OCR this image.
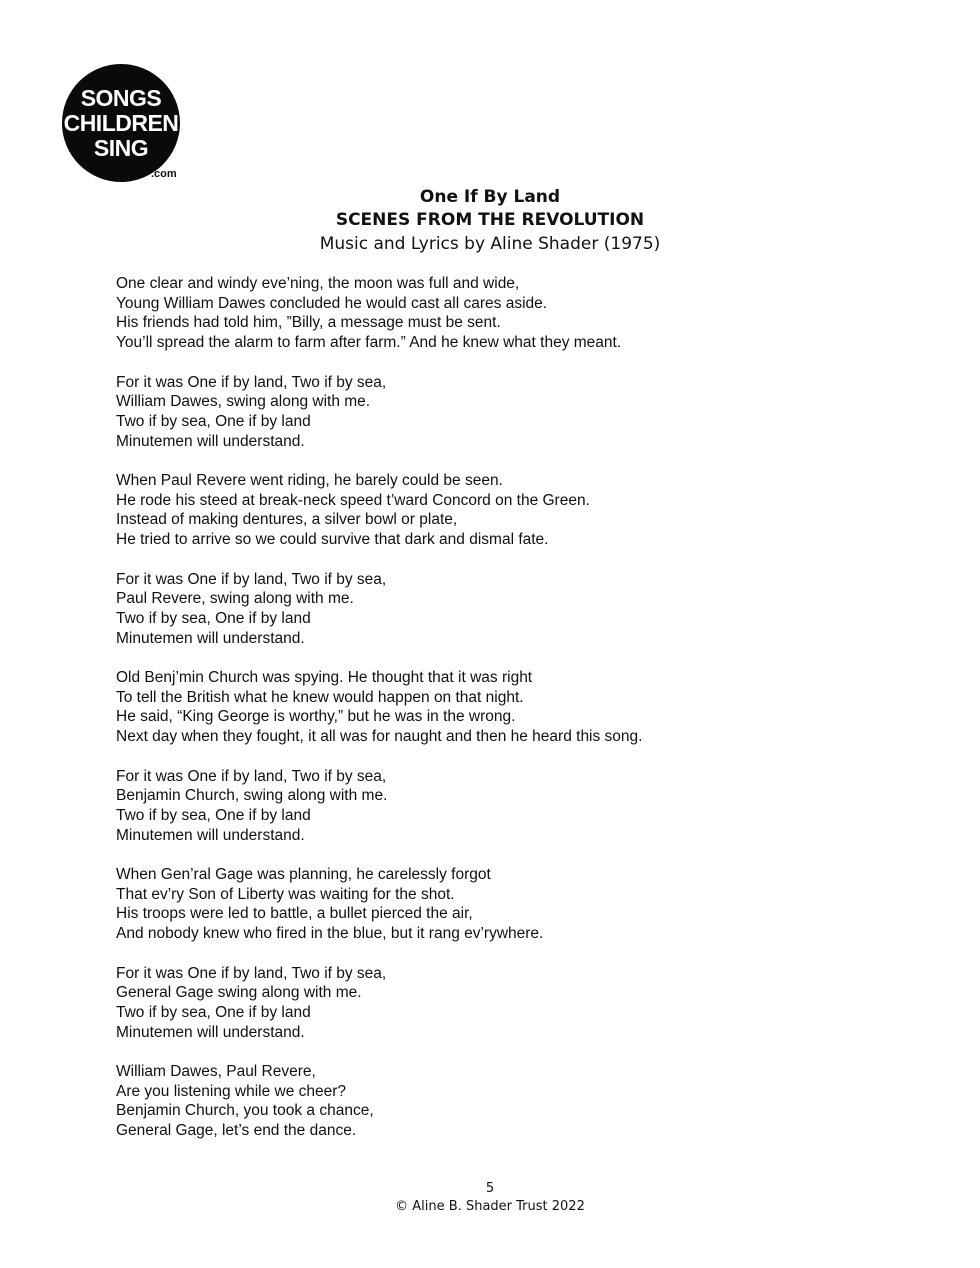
SONGS
CHILDREN
SING
.com
One If By Land
SCENES FROM THE REVOLUTION
Music and Lyrics by Aline Shader (1975)
One clear and windy eve’ning, the moon was full and wide,
Young William Dawes concluded he would cast all cares aside.
His friends had told him, ”Billy, a message must be sent.
You’ll spread the alarm to farm after farm.” And he knew what they meant.
For it was One if by land, Two if by sea,
William Dawes, swing along with me.
Two if by sea, One if by land
Minutemen will understand.
When Paul Revere went riding, he barely could be seen.
He rode his steed at break-neck speed t’ward Concord on the Green.
Instead of making dentures, a silver bowl or plate,
He tried to arrive so we could survive that dark and dismal fate.
For it was One if by land, Two if by sea,
Paul Revere, swing along with me.
Two if by sea, One if by land
Minutemen will understand.
Old Benj’min Church was spying. He thought that it was right
To tell the British what he knew would happen on that night.
He said, “King George is worthy,” but he was in the wrong.
Next day when they fought, it all was for naught and then he heard this song.
For it was One if by land, Two if by sea,
Benjamin Church, swing along with me.
Two if by sea, One if by land
Minutemen will understand.
When Gen’ral Gage was planning, he carelessly forgot
That ev’ry Son of Liberty was waiting for the shot.
His troops were led to battle, a bullet pierced the air,
And nobody knew who fired in the blue, but it rang ev’rywhere.
For it was One if by land, Two if by sea,
General Gage swing along with me.
Two if by sea, One if by land
Minutemen will understand.
William Dawes, Paul Revere,
Are you listening while we cheer?
Benjamin Church, you took a chance,
General Gage, let’s end the dance.
5
© Aline B. Shader Trust 2022
